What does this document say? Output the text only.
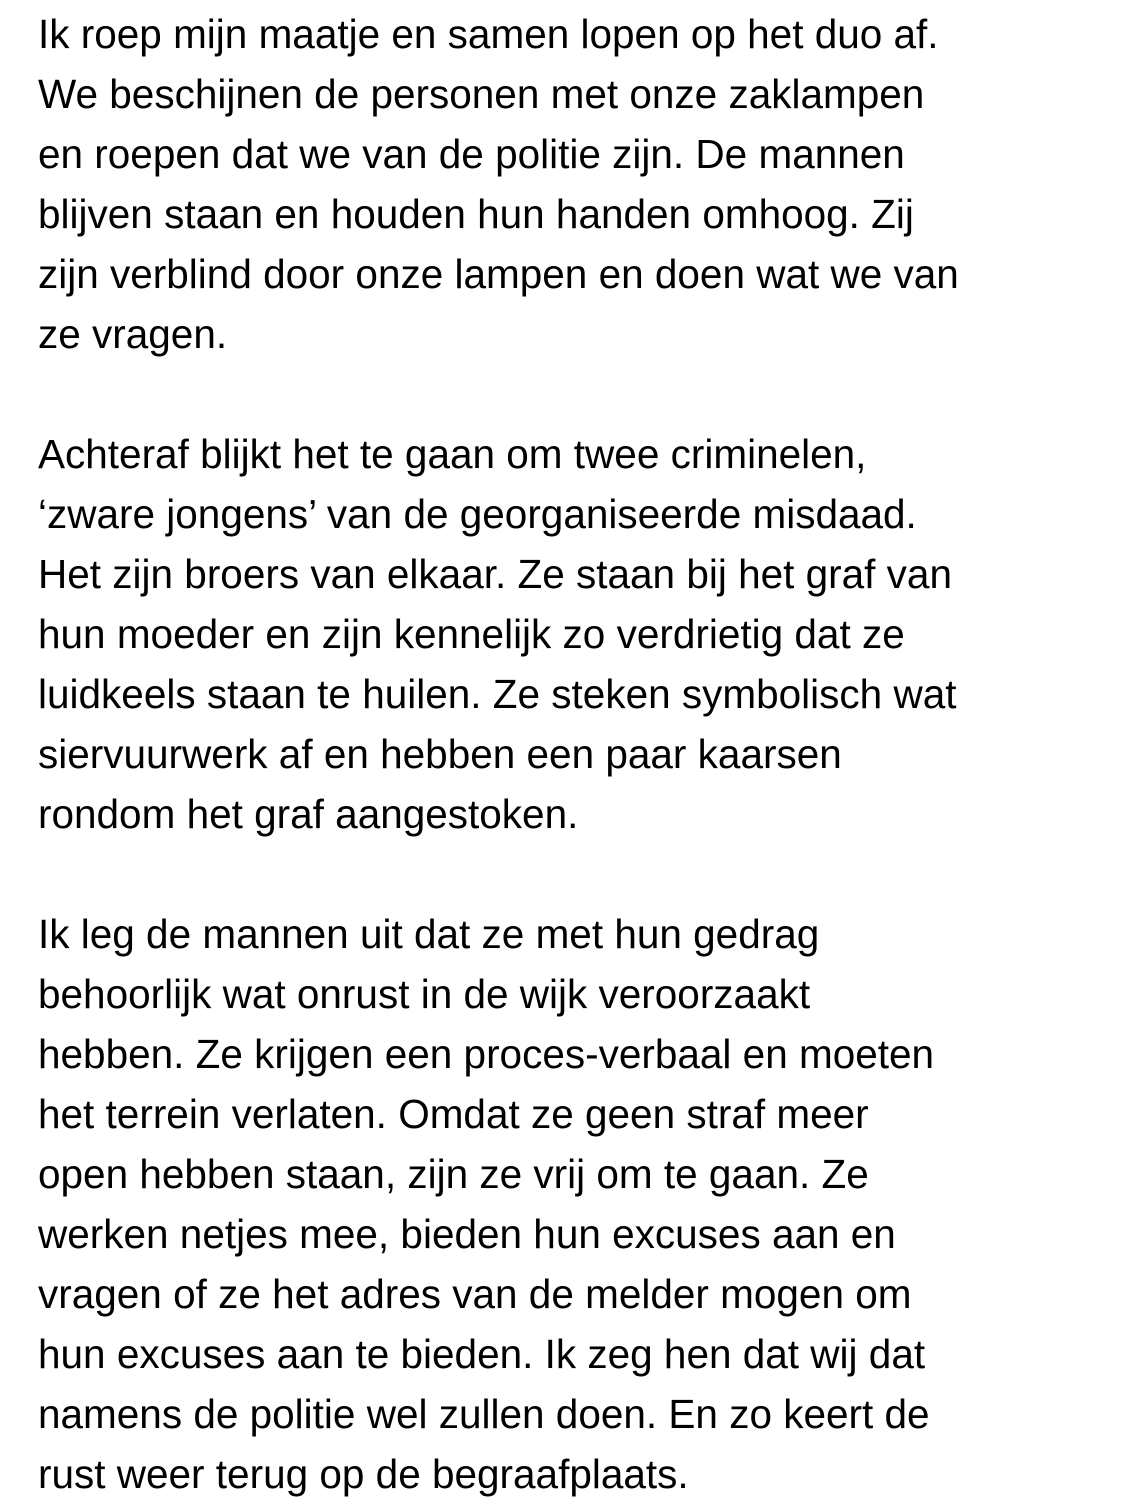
Ik roep mijn maatje en samen lopen op het duo af.
We beschijnen de personen met onze zaklampen
en roepen dat we van de politie zijn. De mannen
blijven staan en houden hun handen omhoog. Zij
zijn verblind door onze lampen en doen wat we van
ze vragen.
Achteraf blijkt het te gaan om twee criminelen,
‘zware jongens’ van de georganiseerde misdaad.
Het zijn broers van elkaar. Ze staan bij het graf van
hun moeder en zijn kennelijk zo verdrietig dat ze
luidkeels staan te huilen. Ze steken symbolisch wat
siervuurwerk af en hebben een paar kaarsen
rondom het graf aangestoken.
Ik leg de mannen uit dat ze met hun gedrag
behoorlijk wat onrust in de wijk veroorzaakt
hebben. Ze krijgen een proces-verbaal en moeten
het terrein verlaten. Omdat ze geen straf meer
open hebben staan, zijn ze vrij om te gaan. Ze
werken netjes mee, bieden hun excuses aan en
vragen of ze het adres van de melder mogen om
hun excuses aan te bieden. Ik zeg hen dat wij dat
namens de politie wel zullen doen. En zo keert de
rust weer terug op de begraafplaats.
